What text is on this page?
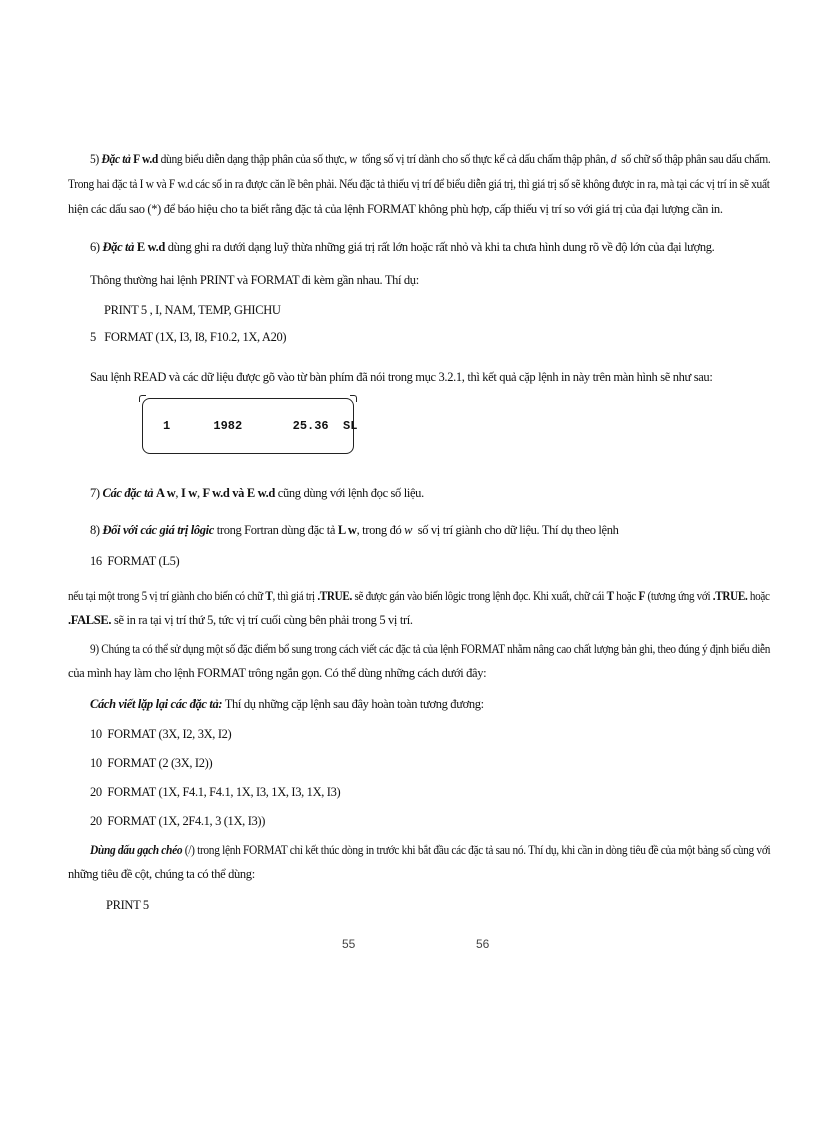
5) Đặc tả F w.d dùng biểu diễn dạng thập phân của số thực, w tổng số vị trí dành cho số thực kể cả dấu chấm thập phân, d số chữ số thập phân sau dấu chấm.
Trong hai đặc tả I w và F w.d các số in ra được căn lề bên phải. Nếu đặc tả thiếu vị trí để biểu diễn giá trị, thì giá trị số sẽ không được in ra, mà tại các vị trí in sẽ xuất
hiện các dấu sao (*) để báo hiệu cho ta biết rằng đặc tả của lệnh FORMAT không phù hợp, cấp thiếu vị trí so với giá trị của đại lượng cần in.
6) Đặc tả E w.d dùng ghi ra dưới dạng luỹ thừa những giá trị rất lớn hoặc rất nhỏ và khi ta chưa hình dung rõ về độ lớn của đại lượng.
Thông thường hai lệnh PRINT và FORMAT đi kèm gần nhau. Thí dụ:
PRINT 5 , I, NAM, TEMP, GHICHU
5   FORMAT (1X, I3, I8, F10.2, 1X, A20)
Sau lệnh READ và các dữ liệu được gõ vào từ bàn phím đã nói trong mục 3.2.1, thì kết quả cặp lệnh in này trên màn hình sẽ như sau:
1      1982       25.36  SL
7) Các đặc tả A w, I w, F w.d và E w.d cũng dùng với lệnh đọc số liệu.
8) Đối với các giá trị lôgic trong Fortran dùng đặc tả L w, trong đó w số vị trí giành cho dữ liệu. Thí dụ theo lệnh
16  FORMAT (L5)
nếu tại một trong 5 vị trí giành cho biến có chữ T, thì giá trị .TRUE. sẽ được gán vào biến lôgic trong lệnh đọc. Khi xuất, chữ cái T hoặc F (tương ứng với .TRUE. hoặc
.FALSE. sẽ in ra tại vị trí thứ 5, tức vị trí cuối cùng bên phải trong 5 vị trí.
9) Chúng ta có thể sử dụng một số đặc điểm bổ sung trong cách viết các đặc tả của lệnh FORMAT nhằm nâng cao chất lượng bản ghi, theo đúng ý định biểu diễn
của mình hay làm cho lệnh FORMAT trông ngắn gọn. Có thể dùng những cách dưới đây:
Cách viết lặp lại các đặc tả: Thí dụ những cặp lệnh sau đây hoàn toàn tương đương:
10  FORMAT (3X, I2, 3X, I2)
10  FORMAT (2 (3X, I2))
20  FORMAT (1X, F4.1, F4.1, 1X, I3, 1X, I3, 1X, I3)
20  FORMAT (1X, 2F4.1, 3 (1X, I3))
Dùng dấu gạch chéo (/) trong lệnh FORMAT chỉ kết thúc dòng in trước khi bắt đầu các đặc tả sau nó. Thí dụ, khi cần in dòng tiêu đề của một bảng số cùng với
những tiêu đề cột, chúng ta có thể dùng:
PRINT 5
55	56
